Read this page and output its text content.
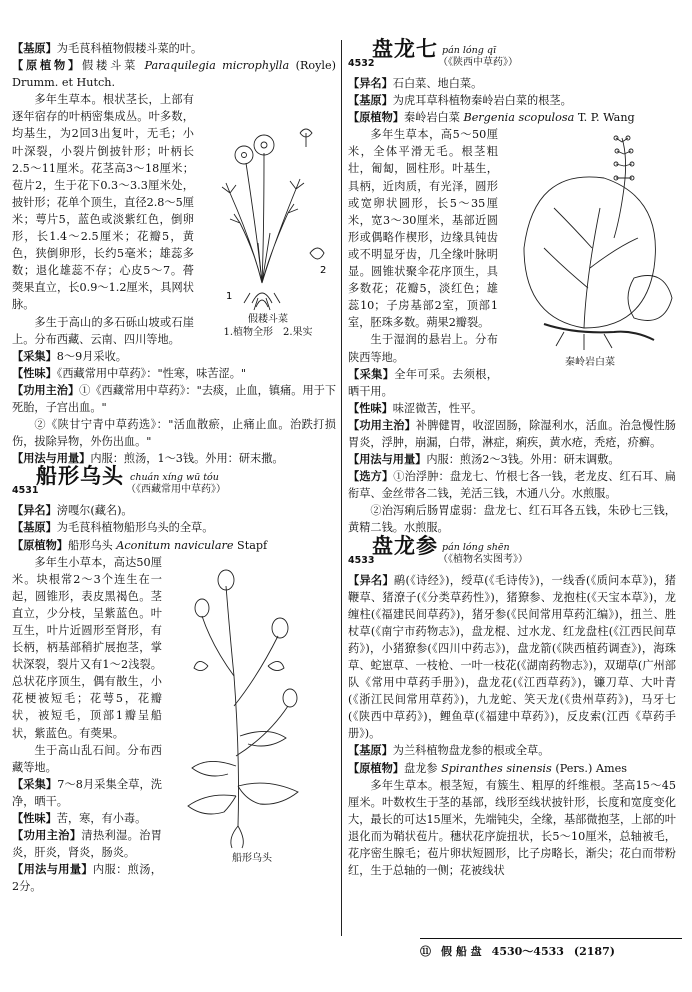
【基原】为毛茛科植物假耧斗菜的叶。

【原植物】假耧斗菜 Paraquilegia microphylla (Royle) Drumm. et Hutch.

1
2
假耧斗菜
1.植物全形　2.果实

多年生草本。根状茎长，上部有逐年宿存的叶柄密集成丛。叶多数，均基生，为2回3出复叶，无毛；小叶深裂，小裂片倒披针形；叶柄长2.5～11厘米。花茎高3～18厘米；苞片2，生于花下0.3～3.3厘米处，披针形；花单个顶生，直径2.8～5厘米；萼片5，蓝色或淡紫红色，倒卵形，长1.4～2.5厘米；花瓣5，黄色，狭倒卵形，长约5毫米；雄蕊多数；退化雄蕊不存；心皮5～7。蓇葖果直立，长0.9～1.2厘米，具网状脉。

多生于高山的多石砾山坡或石崖上。分布西藏、云南、四川等地。

【采集】8～9月采收。

【性味】《西藏常用中草药》："性寒，味苦涩。"

【功用主治】①《西藏常用中草药》："去痰，止血，镇痛。用于下死胎，子宫出血。"

②《陕甘宁青中草药选》："活血散瘀，止痛止血。治跌打损伤，拔除异物，外伤出血。"

【用法与用量】内服：煎汤，1～3钱。外用：研末撒。

4531
船形乌头 chuán xíng wū tóu
（《西藏常用中草药》）

【异名】滂嘎尔(藏名)。

【基原】为毛茛科植物船形乌头的全草。

【原植物】船形乌头 Aconitum naviculare Stapf

船形乌头

多年生小草本，高达50厘米。块根常2～3个连生在一起，圆锥形，表皮黑褐色。茎直立，少分枝，呈紫蓝色。叶互生，叶片近圆形至肾形，有长柄，柄基部稍扩展抱茎，掌状深裂，裂片又有1～2浅裂。总状花序顶生，偶有散生，小花梗被短毛；花萼5，花瓣状，被短毛，顶部1瓣呈船状，紫蓝色。有葖果。

生于高山乱石间。分布西藏等地。

【采集】7～8月采集全草，洗净，晒干。

【性味】苦，寒，有小毒。

【功用主治】清热利湿。治胃炎，肝炎，肾炎，肠炎。

【用法与用量】内服：煎汤，2分。

4532
盘龙七 pán lóng qī
（《陕西中草药》）

【异名】石白菜、地白菜。

【基原】为虎耳草科植物秦岭岩白菜的根茎。

【原植物】秦岭岩白菜 Bergenia scopulosa T. P. Wang

秦岭岩白菜

多年生草本，高5～50厘米，全体平滑无毛。根茎粗壮，匍匐，圆柱形。叶基生，具柄，近肉质，有光泽，圆形或宽卵状圆形，长5～35厘米，宽3～30厘米，基部近圆形或偶略作楔形，边缘具钝齿或不明显牙齿，几全缘叶脉明显。圆锥状聚伞花序顶生，具多数花；花瓣5，淡红色；雄蕊10；子房基部2室，顶部1室，胚珠多数。蒴果2瓣裂。

生于湿润的悬岩上。分布陕西等地。

【采集】全年可采。去须根，晒干用。

【性味】味涩微苦，性平。

【功用主治】补脾健胃，收涩固肠，除湿利水，活血。治急慢性肠胃炎，浮肿，崩漏，白带，淋症，痢疾，黄水疮，秃疮，疥癣。

【用法与用量】内服：煎汤2～3钱。外用：研末调敷。

【选方】①治浮肿：盘龙七、竹根七各一钱，老龙皮、红石耳、扁衔草、金丝带各二钱，羌活三钱，木通八分。水煎服。

②治泻痢后肠胃虚弱：盘龙七、红石耳各五钱，朱砂七三钱，黄精二钱。水煎服。

4533
盘龙参 pán lóng shēn
（《植物名实图考》）

【异名】鹝(《诗经》)，绶草(《毛诗传》)，一线香(《质问本草》)，猪鞭草、猪潦子(《分类草药性》)，猪獠参、龙抱柱(《天宝本草》)，龙缠柱(《福建民间草药》)，猪牙参(《民间常用草药汇编》)，扭兰、胜杖草(《南宁市药物志》)，盘龙棍、过水龙、红龙盘柱(《江西民间草药》)，小猪獠参(《四川中药志》)，盘龙箭(《陕西植药调查》)，海珠草、蛇崽草、一枝枪、一叶一枝花(《湖南药物志》)，双瑚草(广州部队《常用中草药手册》)，盘龙花(《江西草药》)，镰刀草、大叶青(《浙江民间常用草药》)，九龙蛇、笑天龙(《贵州草药》)，马牙七(《陕西中草药》)，鲤鱼草(《福建中草药》)，反皮索(江西《草药手册》)。

【基原】为兰科植物盘龙参的根或全草。

【原植物】盘龙参 Spiranthes sinensis (Pers.) Ames

多年生草本。根茎短，有簇生、粗厚的纤维根。茎高15～45厘米。叶数枚生于茎的基部，线形至线状披针形，长度和宽度变化大，最长的可达15厘米，先端钝尖，全缘，基部微抱茎，上部的叶退化而为鞘状苞片。穗状花序旋扭状，长5～10厘米，总轴被毛，花序密生腺毛；苞片卵状短圆形，比子房略长，渐尖；花白而带粉红，生于总轴的一侧；花被线状

⑪ 假 船 盘 4530～4533 (2187)
